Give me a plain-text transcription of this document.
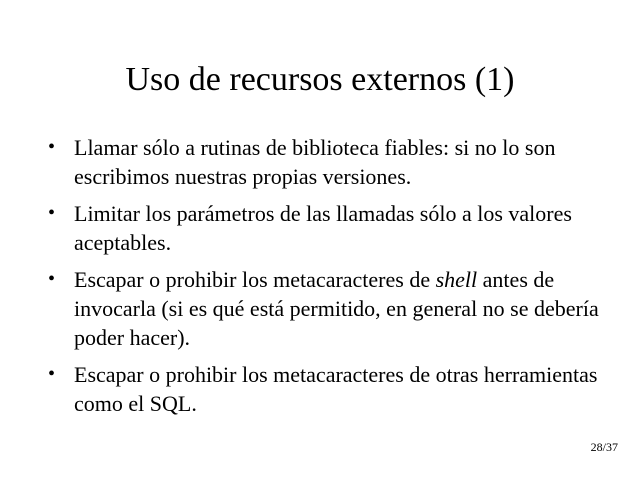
Uso de recursos externos (1)
• Llamar sólo a rutinas de biblioteca fiables: si no lo son escribimos nuestras propias versiones.
• Limitar los parámetros de las llamadas sólo a los valores aceptables.
• Escapar o prohibir los metacaracteres de shell antes de invocarla (si es qué está permitido, en general no se debería poder hacer).
• Escapar o prohibir los metacaracteres de otras herramientas como el SQL.
28/37
